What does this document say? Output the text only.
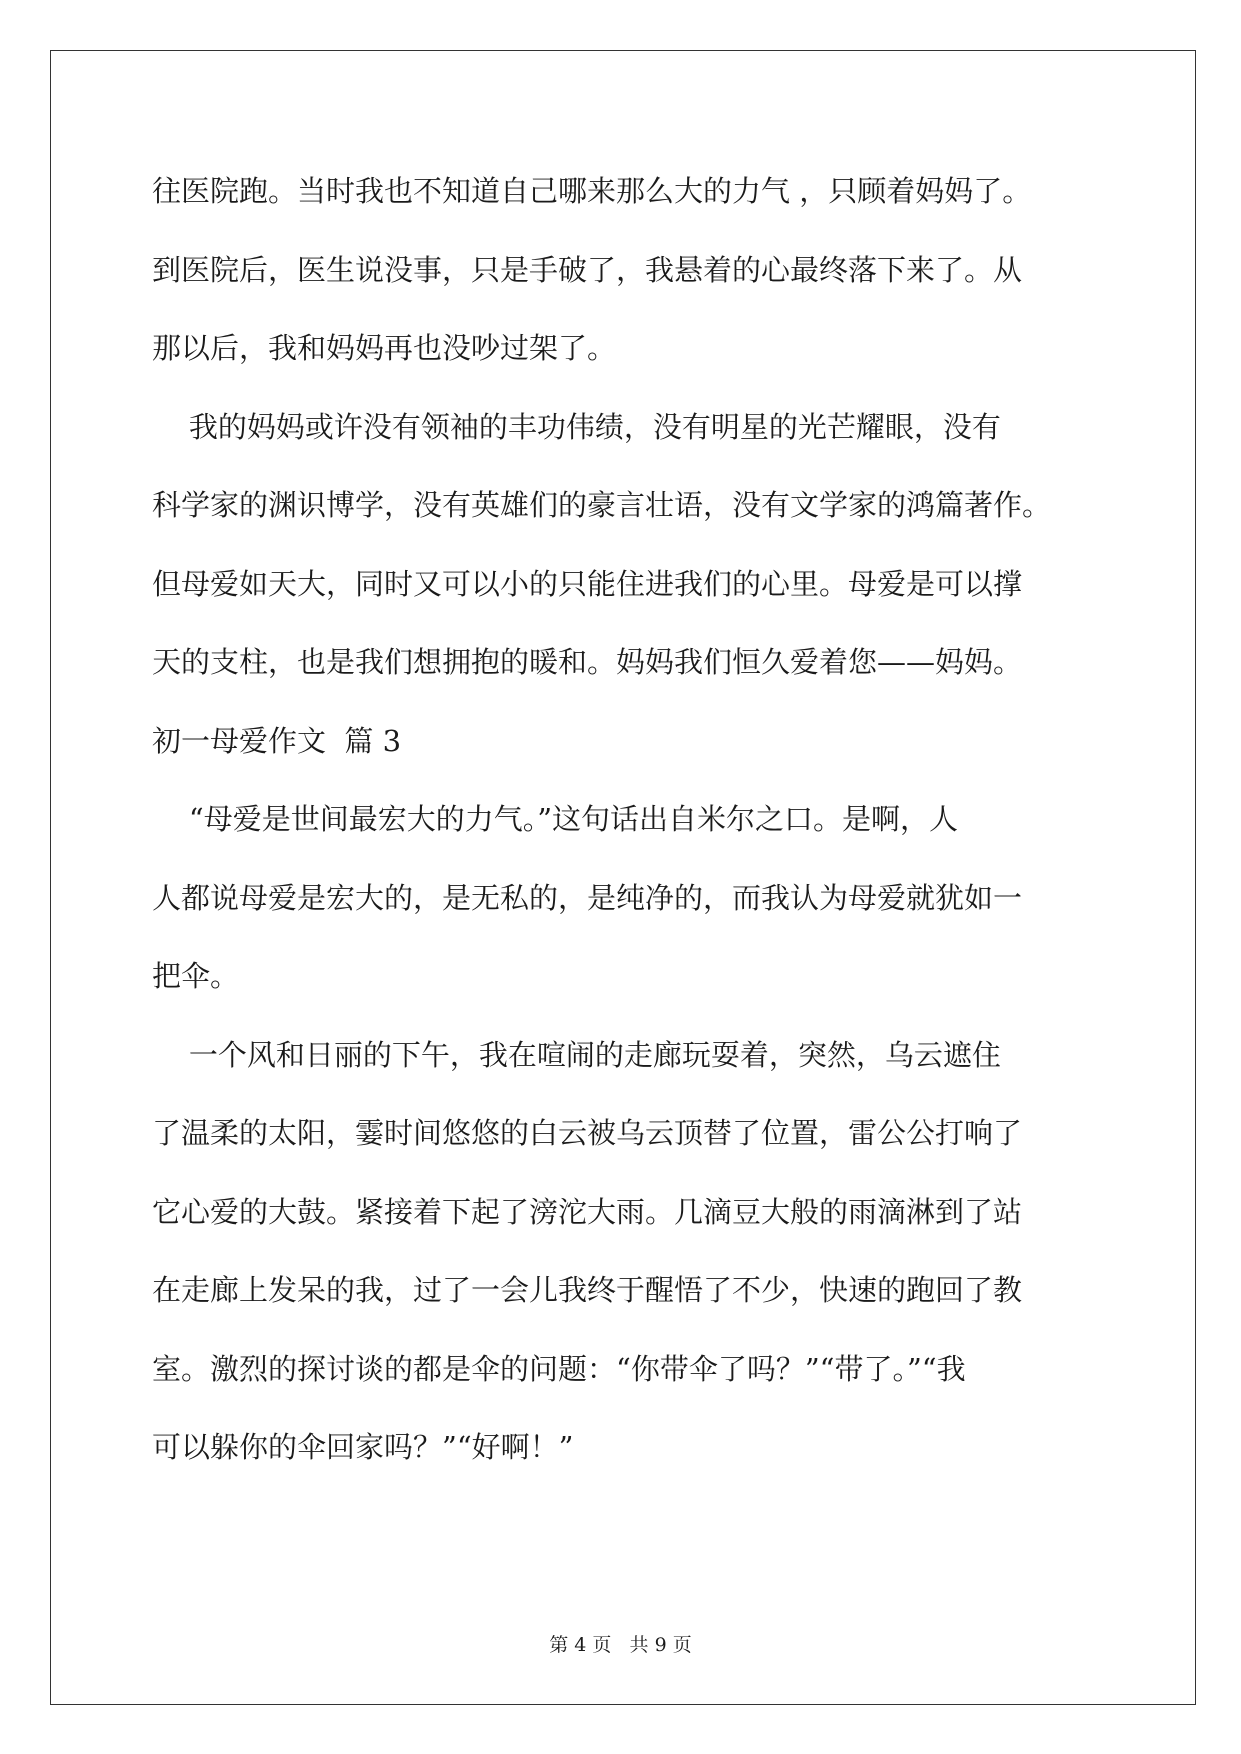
往医院跑。当时我也不知道自己哪来那么大的力气 ，只顾着妈妈了。

到医院后，医生说没事，只是手破了，我悬着的心最终落下来了。从

那以后，我和妈妈再也没吵过架了。

我的妈妈或许没有领袖的丰功伟绩，没有明星的光芒耀眼，没有

科学家的渊识博学，没有英雄们的豪言壮语，没有文学家的鸿篇著作。

但母爱如天大，同时又可以小的只能住进我们的心里。母爱是可以撑

天的支柱，也是我们想拥抱的暖和。妈妈我们恒久爱着您——妈妈。

初一母爱作文  篇 3

“母爱是世间最宏大的力气。”这句话出自米尔之口。是啊，人

人都说母爱是宏大的，是无私的，是纯净的，而我认为母爱就犹如一

把伞。

一个风和日丽的下午，我在喧闹的走廊玩耍着，突然，乌云遮住

了温柔的太阳，霎时间悠悠的白云被乌云顶替了位置，雷公公打响了

它心爱的大鼓。紧接着下起了滂沱大雨。几滴豆大般的雨滴淋到了站

在走廊上发呆的我，过了一会儿我终于醒悟了不少，快速的跑回了教

室。激烈的探讨谈的都是伞的问题：“你带伞了吗？”“带了。”“我

可以躲你的伞回家吗？”“好啊！”

第 4 页   共 9 页
